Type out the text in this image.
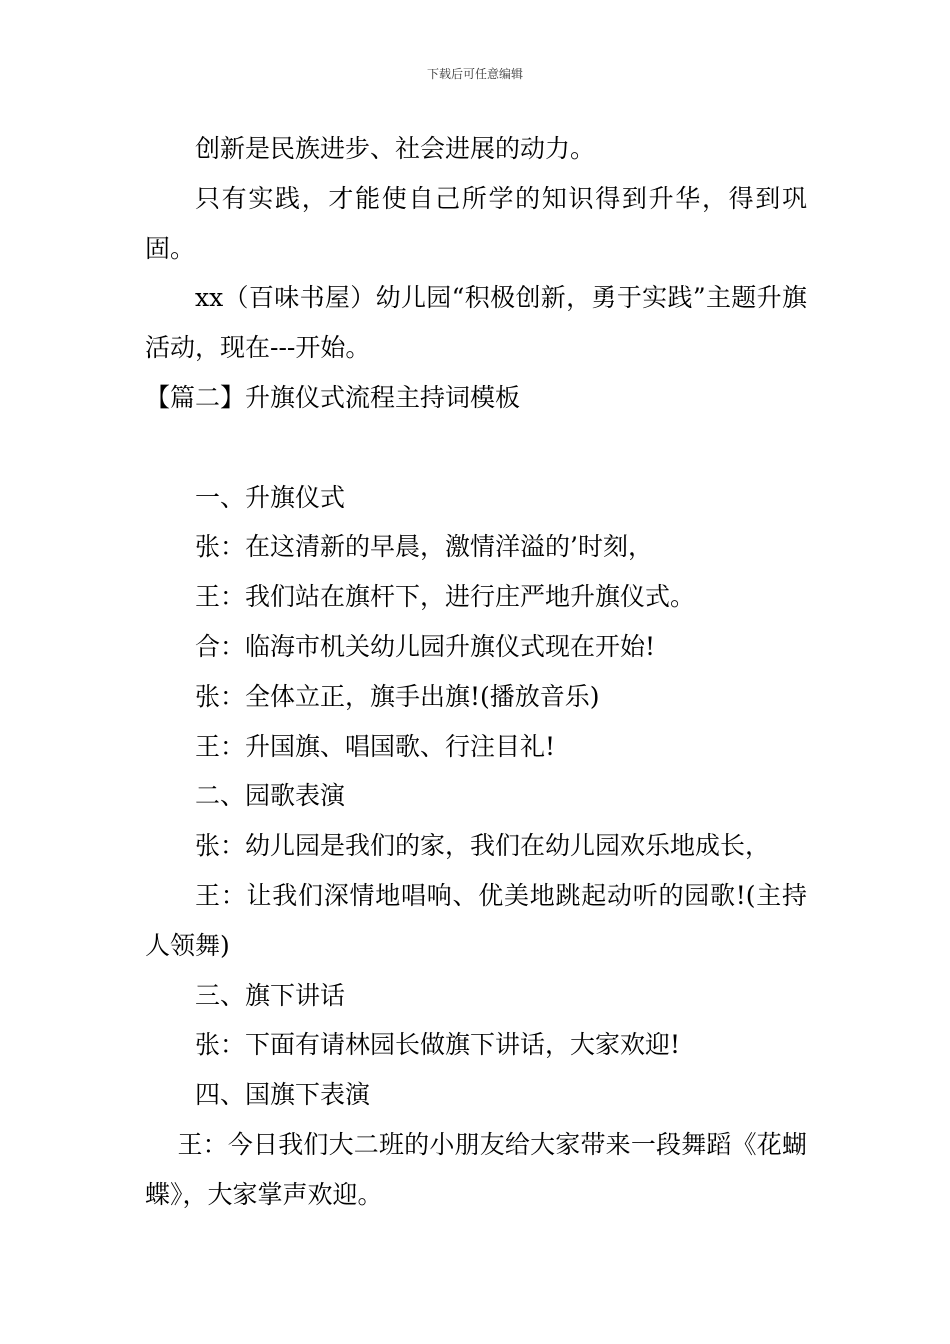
下载后可任意编辑

创新是民族进步、社会进展的动力。

只有实践，才能使自己所学的知识得到升华，得到巩固。

xx（百味书屋）幼儿园“积极创新，勇于实践”主题升旗活动，现在---开始。

【篇二】升旗仪式流程主持词模板

一、升旗仪式

张：在这清新的早晨，激情洋溢的’时刻，

王：我们站在旗杆下，进行庄严地升旗仪式。

合：临海市机关幼儿园升旗仪式现在开始!

张：全体立正，旗手出旗!(播放音乐)

王：升国旗、唱国歌、行注目礼!

二、园歌表演

张：幼儿园是我们的家，我们在幼儿园欢乐地成长，

王：让我们深情地唱响、优美地跳起动听的园歌!(主持人领舞)

三、旗下讲话

张：下面有请林园长做旗下讲话，大家欢迎!

四、国旗下表演

王：今日我们大二班的小朋友给大家带来一段舞蹈《花蝴蝶》，大家掌声欢迎。
